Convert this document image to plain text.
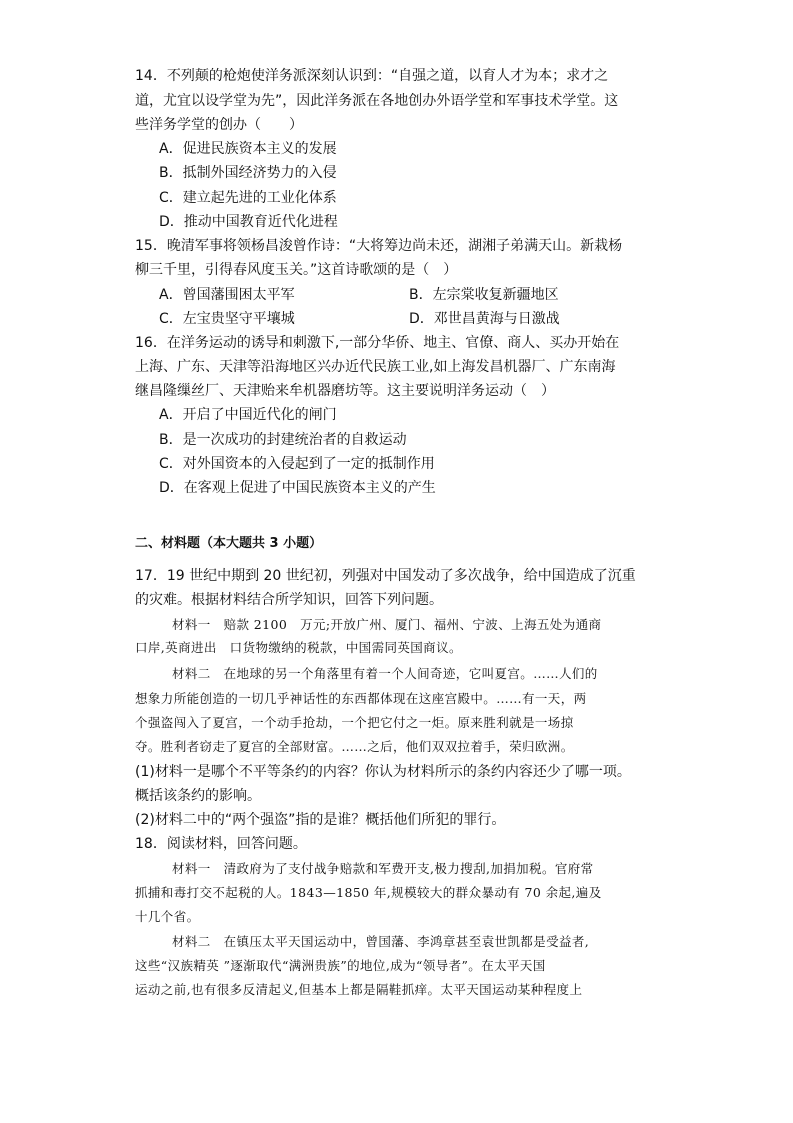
14．不列颠的枪炮使洋务派深刻认识到：“自强之道，以育人才为本；求才之
道，尤宜以设学堂为先”，因此洋务派在各地创办外语学堂和军事技术学堂。这
些洋务学堂的创办（　　）
A．促进民族资本主义的发展
B．抵制外国经济势力的入侵
C．建立起先进的工业化体系
D．推动中国教育近代化进程
15．晚清军事将领杨昌浚曾作诗：“大将筹边尚未还，湖湘子弟满天山。新栽杨
柳三千里，引得春风度玉关。”这首诗歌颂的是（　）
A．曾国藩围困太平军	B．左宗棠收复新疆地区
C．左宝贵坚守平壤城	D．邓世昌黄海与日激战
16．在洋务运动的诱导和刺激下,一部分华侨、地主、官僚、商人、买办开始在
上海、广东、天津等沿海地区兴办近代民族工业,如上海发昌机器厂、广东南海
继昌隆缫丝厂、天津贻来牟机器磨坊等。这主要说明洋务运动（　）
A．开启了中国近代化的闸门
B．是一次成功的封建统治者的自救运动
C．对外国资本的入侵起到了一定的抵制作用
D．在客观上促进了中国民族资本主义的产生
二、材料题（本大题共 3 小题）
17．19 世纪中期到 20 世纪初，列强对中国发动了多次战争，给中国造成了沉重
的灾难。根据材料结合所学知识，回答下列问题。
材料一　赔款 2100　万元;开放广州、厦门、福州、宁波、上海五处为通商
口岸,英商进出　口货物缴纳的税款，中国需同英国商议。
材料二　在地球的另一个角落里有着一个人间奇迹，它叫夏宫。……人们的
想象力所能创造的一切几乎神话性的东西都体现在这座宫殿中。……有一天，两
个强盗闯入了夏宫，一个动手抢劫，一个把它付之一炬。原来胜利就是一场掠
夺。胜利者窃走了夏宫的全部财富。……之后，他们双双拉着手，荣归欧洲。
(1)材料一是哪个不平等条约的内容？你认为材料所示的条约内容还少了哪一项。
概括该条约的影响。
(2)材料二中的“两个强盗”指的是谁？概括他们所犯的罪行。
18．阅读材料，回答问题。
材料一　清政府为了支付战争赔款和军费开支,极力搜刮,加捐加税。官府常
抓捕和毒打交不起税的人。1843—1850 年,规模较大的群众暴动有 70 余起,遍及
十几个省。
材料二　在镇压太平天国运动中，曾国藩、李鸿章甚至袁世凯都是受益者,
这些“汉族精英 ”逐渐取代“满洲贵族”的地位,成为“领导者”。在太平天国
运动之前,也有很多反清起义,但基本上都是隔鞋抓痒。太平天国运动某种程度上
